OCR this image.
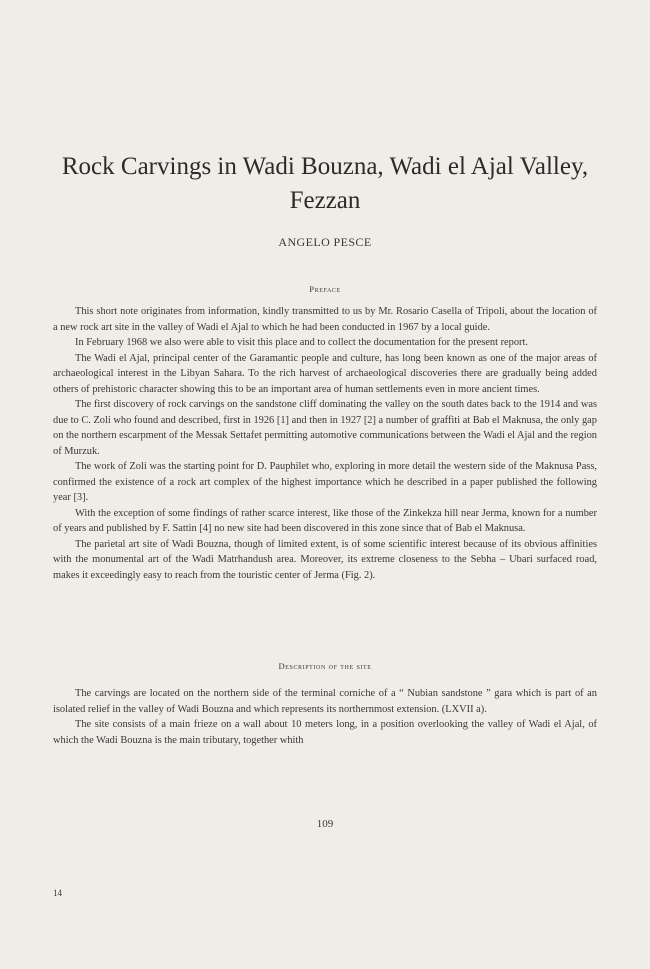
Rock Carvings in Wadi Bouzna, Wadi el Ajal Valley, Fezzan
ANGELO PESCE
Preface

This short note originates from information, kindly transmitted to us by Mr. Rosario Casella of Tripoli, about the location of a new rock art site in the valley of Wadi el Ajal to which he had been conducted in 1967 by a local guide.

In February 1968 we also were able to visit this place and to collect the documentation for the present report.

The Wadi el Ajal, principal center of the Garamantic people and culture, has long been known as one of the major areas of archaeological interest in the Libyan Sahara. To the rich harvest of archaeological discoveries there are gradually being added others of prehistoric character showing this to be an important area of human settlements even in more ancient times.

The first discovery of rock carvings on the sandstone cliff dominating the valley on the south dates back to the 1914 and was due to C. Zoli who found and described, first in 1926 [1] and then in 1927 [2] a number of graffiti at Bab el Maknusa, the only gap on the northern escarpment of the Messak Settafet permitting automotive communications between the Wadi el Ajal and the region of Murzuk.

The work of Zoli was the starting point for D. Pauphilet who, exploring in more detail the western side of the Maknusa Pass, confirmed the existence of a rock art complex of the highest importance which he described in a paper published the following year [3].

With the exception of some findings of rather scarce interest, like those of the Zinkekza hill near Jerma, known for a number of years and published by F. Sattin [4] no new site had been discovered in this zone since that of Bab el Maknusa.

The parietal art site of Wadi Bouzna, though of limited extent, is of some scientific interest because of its obvious affinities with the monumental art of the Wadi Matrhandush area. Moreover, its extreme closeness to the Sebha – Ubari surfaced road, makes it exceedingly easy to reach from the touristic center of Jerma (Fig. 2).

Description of the site

The carvings are located on the northern side of the terminal corniche of a “ Nubian sandstone ” gara which is part of an isolated relief in the valley of Wadi Bouzna and which represents its northernmost extension. (LXVII a).

The site consists of a main frieze on a wall about 10 meters long, in a position overlooking the valley of Wadi el Ajal, of which the Wadi Bouzna is the main tributary, together whith

109
14
